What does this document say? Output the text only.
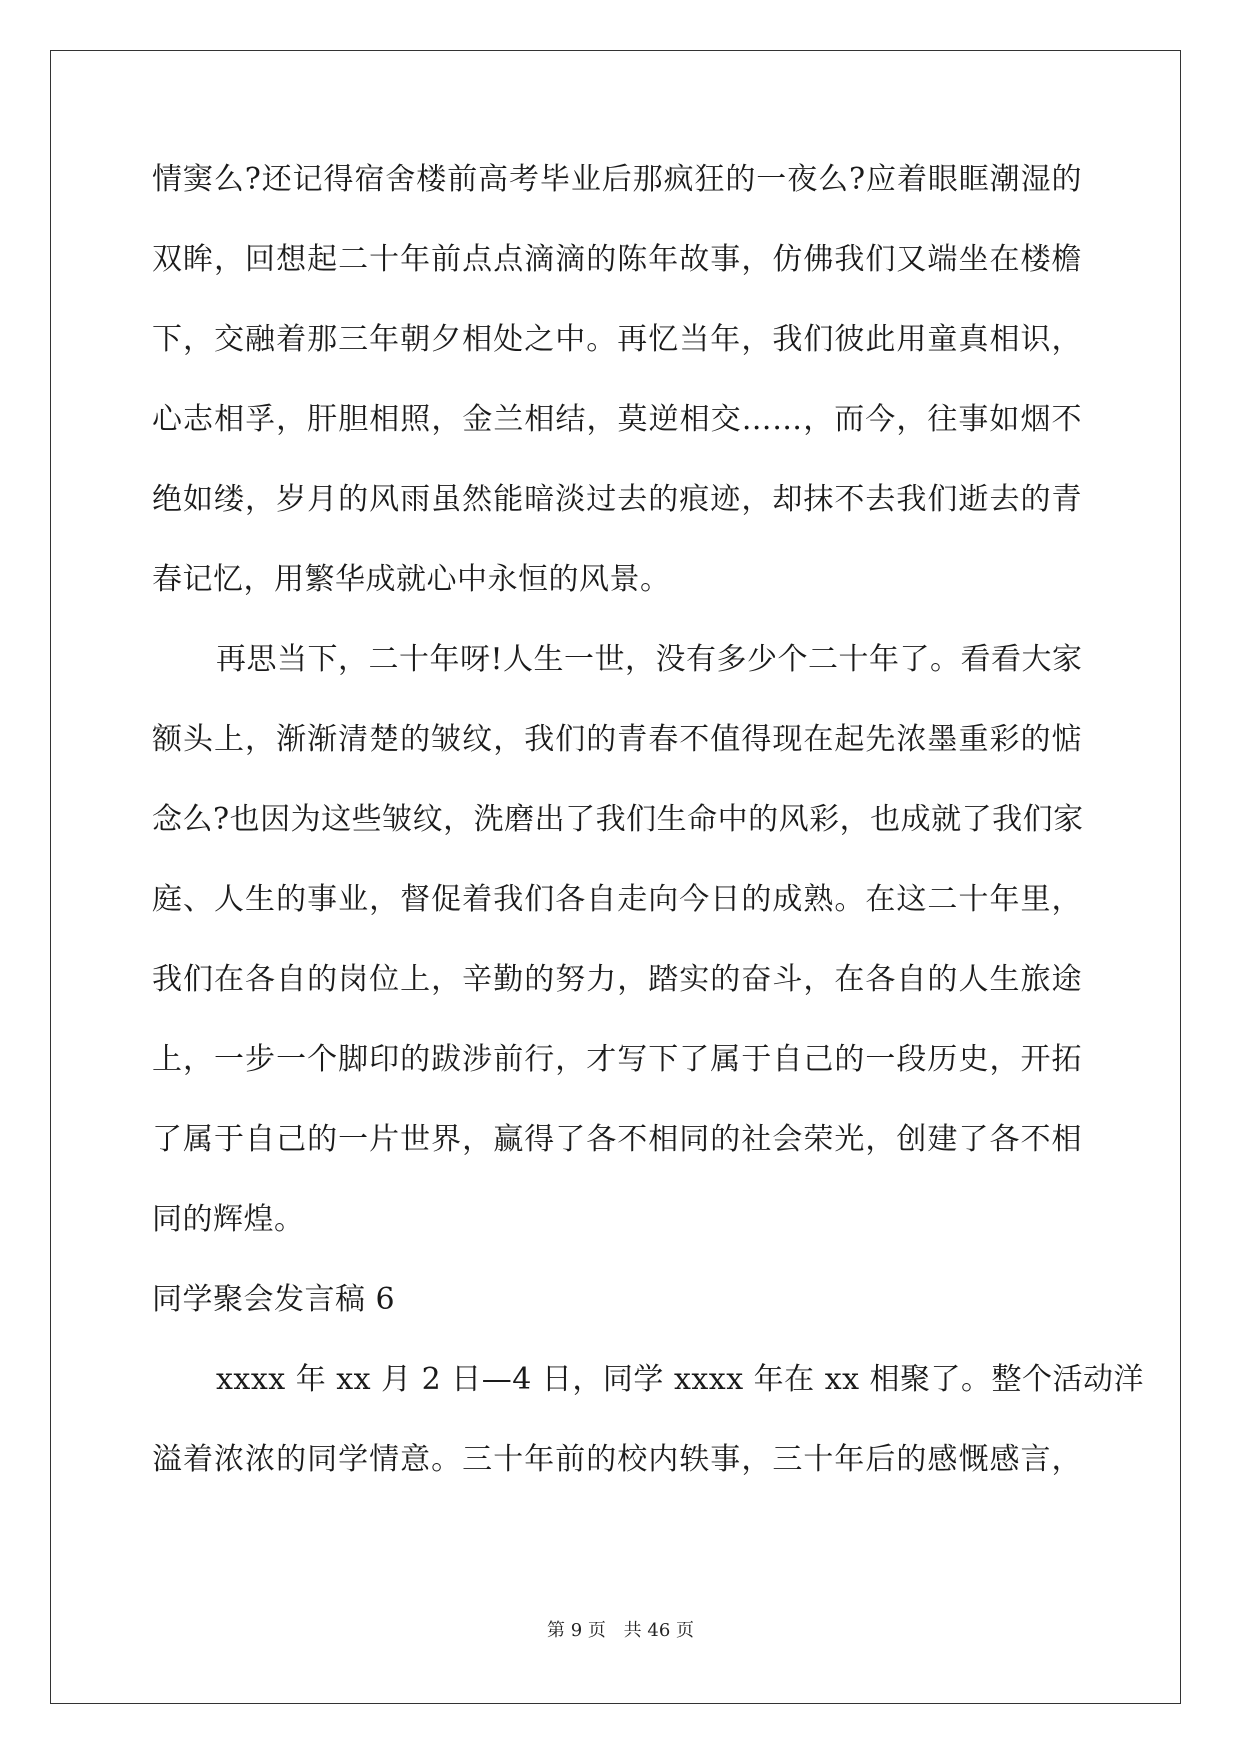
情窦么?还记得宿舍楼前高考毕业后那疯狂的一夜么?应着眼眶潮湿的
双眸，回想起二十年前点点滴滴的陈年故事，仿佛我们又端坐在楼檐
下，交融着那三年朝夕相处之中。再忆当年，我们彼此用童真相识，
心志相孚，肝胆相照，金兰相结，莫逆相交……，而今，往事如烟不
绝如缕，岁月的风雨虽然能暗淡过去的痕迹，却抹不去我们逝去的青
春记忆，用繁华成就心中永恒的风景。
再思当下，二十年呀!人生一世，没有多少个二十年了。看看大家
额头上，渐渐清楚的皱纹，我们的青春不值得现在起先浓墨重彩的惦
念么?也因为这些皱纹，洗磨出了我们生命中的风彩，也成就了我们家
庭、人生的事业，督促着我们各自走向今日的成熟。在这二十年里，
我们在各自的岗位上，辛勤的努力，踏实的奋斗，在各自的人生旅途
上，一步一个脚印的跋涉前行，才写下了属于自己的一段历史，开拓
了属于自己的一片世界，赢得了各不相同的社会荣光，创建了各不相
同的辉煌。
同学聚会发言稿 6
xxxx 年 xx 月 2 日—4 日，同学 xxxx 年在 xx 相聚了。整个活动洋
溢着浓浓的同学情意。三十年前的校内轶事，三十年后的感慨感言，
第 9 页 共 46 页
